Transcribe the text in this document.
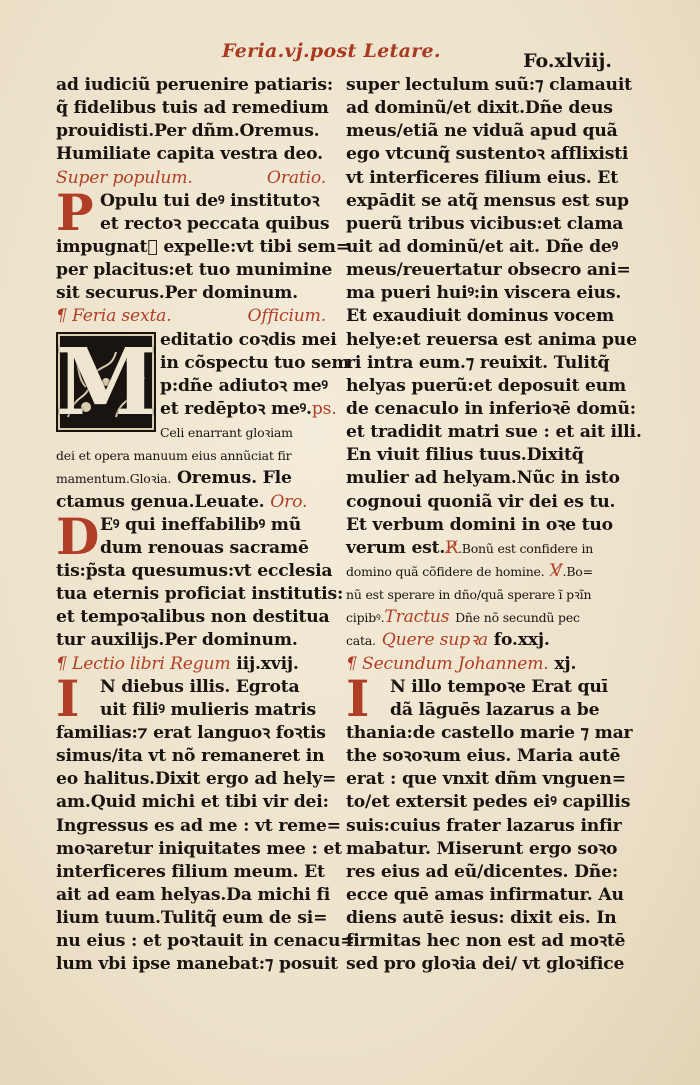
Feria.vj.post Letare.	Fo.xlviij.
ad iudiciũ peruenire patiaris:
q̃ fidelibus tuis ad remedium
prouidisti.Per dñm.Oremus.
Humiliate capita vestra deo.
Super populum.	Oratio.
P Opulu tui deꝰ institutoꝛ
et rectoꝛ peccata quibus
impugnat᷑ expelle:vt tibi sem=
per placitus:et tuo munimine
sit securus.Per dominum.
¶ Feria sexta.	Officium.
M editatio coꝛdis mei
in cõspectu tuo sem
p:dñe adiutoꝛ meꝰ
et redēptoꝛ meꝰ.ps.
Celi enarrant gloꝛiam
dei et opera manuum eius annũciat fir
mamentum.Gloꝛia. Oremus. Fle
ctamus genua.Leuate. Oro.
D Eꝰ qui ineffabilibꝰ mũ
dum renouas sacramē
tis:p̃sta quesumus:vt ecclesia
tua eternis proficiat institutis:
et tempoꝛalibus non destitua
tur auxilijs.Per dominum.
¶ Lectio libri Regum iij.xvij.
I	N diebus illis. Egrota
uit filiꝰ mulieris matris
familias:⁊ erat languoꝛ foꝛtis
simus/ita vt nõ remaneret in
eo halitus.Dixit ergo ad hely=
am.Quid michi et tibi vir dei:
Ingressus es ad me : vt reme=
moꝛaretur iniquitates mee : et
interficeres filium meum. Et
ait ad eam helyas.Da michi fi
lium tuum.Tulitq̃ eum de si=
nu eius : et poꝛtauit in cenacu=
lum vbi ipse manebat:⁊ posuit
super lectulum suũ:⁊ clamauit
ad dominũ/et dixit.Dñe deus
meus/etiã ne viduã apud quã
ego vtcunq̃ sustentoꝛ afflixisti
vt interficeres filium eius. Et
expādit se atq̃ mensus est sup
puerũ tribus vicibus:et clama
uit ad dominũ/et ait. Dñe deꝰ
meus/reuertatur obsecro ani=
ma pueri huiꝰ:in viscera eius.
Et exaudiuit dominus vocem
helye:et reuersa est anima pue
ri intra eum.⁊ reuixit. Tulitq̃
helyas puerũ:et deposuit eum
de cenaculo in inferioꝛē domũ:
et tradidit matri sue : et ait illi.
En viuit filius tuus.Dixitq̃
mulier ad helyam.Nũc in isto
cognoui quoniã vir dei es tu.
Et verbum domini in oꝛe tuo
verum est.R̸.Bonũ est confidere in
domino quã cõfidere de homine. V̸.Bo=
nũ est sperare in dño/quã sperare ĩ pꝛĩn
cipibꝰ.Tractus Dñe nõ secundũ pec
cata. Quere supꝛa fo.xxj.
¶ Secundum Johannem. xj.
I	N illo tempoꝛe Erat quī
dã lāguēs lazarus a be
thania:de castello marie ⁊ mar
the soꝛoꝛum eius. Maria autē
erat : que vnxit dñm vnguen=
to/et extersit pedes eiꝰ capillis
suis:cuius frater lazarus infir
mabatur. Miserunt ergo soꝛo
res eius ad eũ/dicentes. Dñe:
ecce quē amas infirmatur. Au
diens autē iesus: dixit eis. In
firmitas hec non est ad moꝛtē
sed pro gloꝛia dei/ vt gloꝛifice
